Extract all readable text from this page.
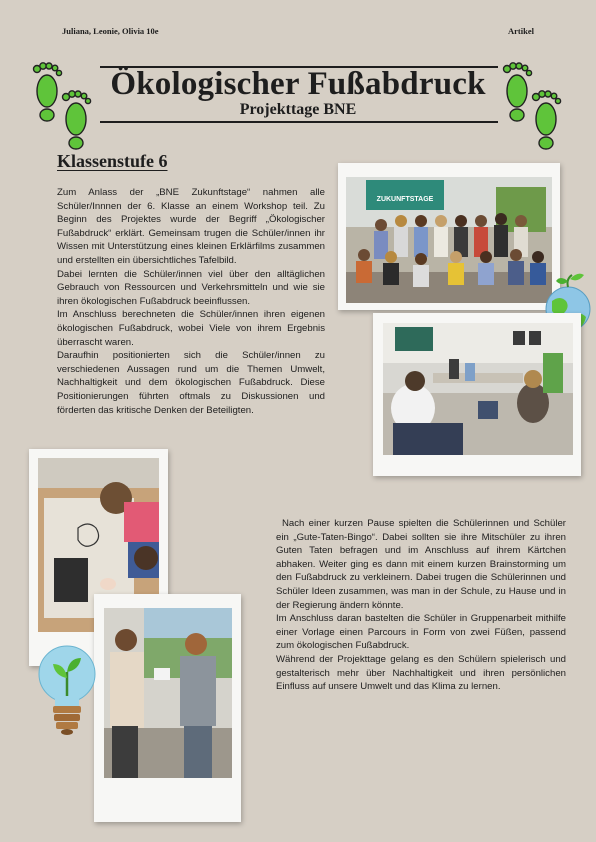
Juliana, Leonie, Olivia 10e	Artikel
Ökologischer Fußabdruck
Projekttage BNE
Klassenstufe 6

Zum Anlass der „BNE Zukunftstage“ nahmen alle Schüler/Innnen der 6. Klasse an einem Workshop teil. Zu Beginn des Projektes wurde der Begriff „Ökologischer Fußabdruck“ erklärt. Gemeinsam trugen die Schüler/innen ihr Wissen mit Unterstützung eines kleinen Erklärfilms zusammen und erstellten ein übersichtliches Tafelbild.

Dabei lernten die Schüler/innen viel über den alltäglichen Gebrauch von Ressourcen und Verkehrsmitteln und wie sie ihren ökologischen Fußabdruck beeinflussen.

Im Anschluss berechneten die Schüler/innen ihren eigenen ökologischen Fußabdruck, wobei Viele von ihrem Ergebnis überrascht waren.

Daraufhin positionierten sich die Schüler/innen zu verschiedenen Aussagen rund um die Themen Umwelt, Nachhaltigkeit und dem ökologischen Fußabdruck. Diese Positionierungen führten oftmals zu Diskussionen und förderten das kritische Denken der Beteiligten.

ZUKUNFTSTAGE

Nach einer kurzen Pause spielten die Schülerinnen und Schüler ein „Gute-Taten-Bingo“. Dabei sollten sie ihre Mitschüler zu ihren Guten Taten befragen und im Anschluss auf ihrem Kärtchen abhaken. Weiter ging es dann mit einem kurzen Brainstorming um den Fußabdruck zu verkleinern. Dabei trugen die Schülerinnen und Schüler Ideen zusammen, was man in der Schule, zu Hause und in der Regierung ändern könnte.

Im Anschluss daran bastelten die Schüler in Gruppenarbeit mithilfe einer Vorlage einen Parcours in Form von zwei Füßen, passend zum ökologischen Fußabdruck.

Während der Projekttage gelang es den Schülern spielerisch und gestalterisch mehr über Nachhaltigkeit und ihren persönlichen Einfluss auf unsere Umwelt und das Klima zu lernen.
